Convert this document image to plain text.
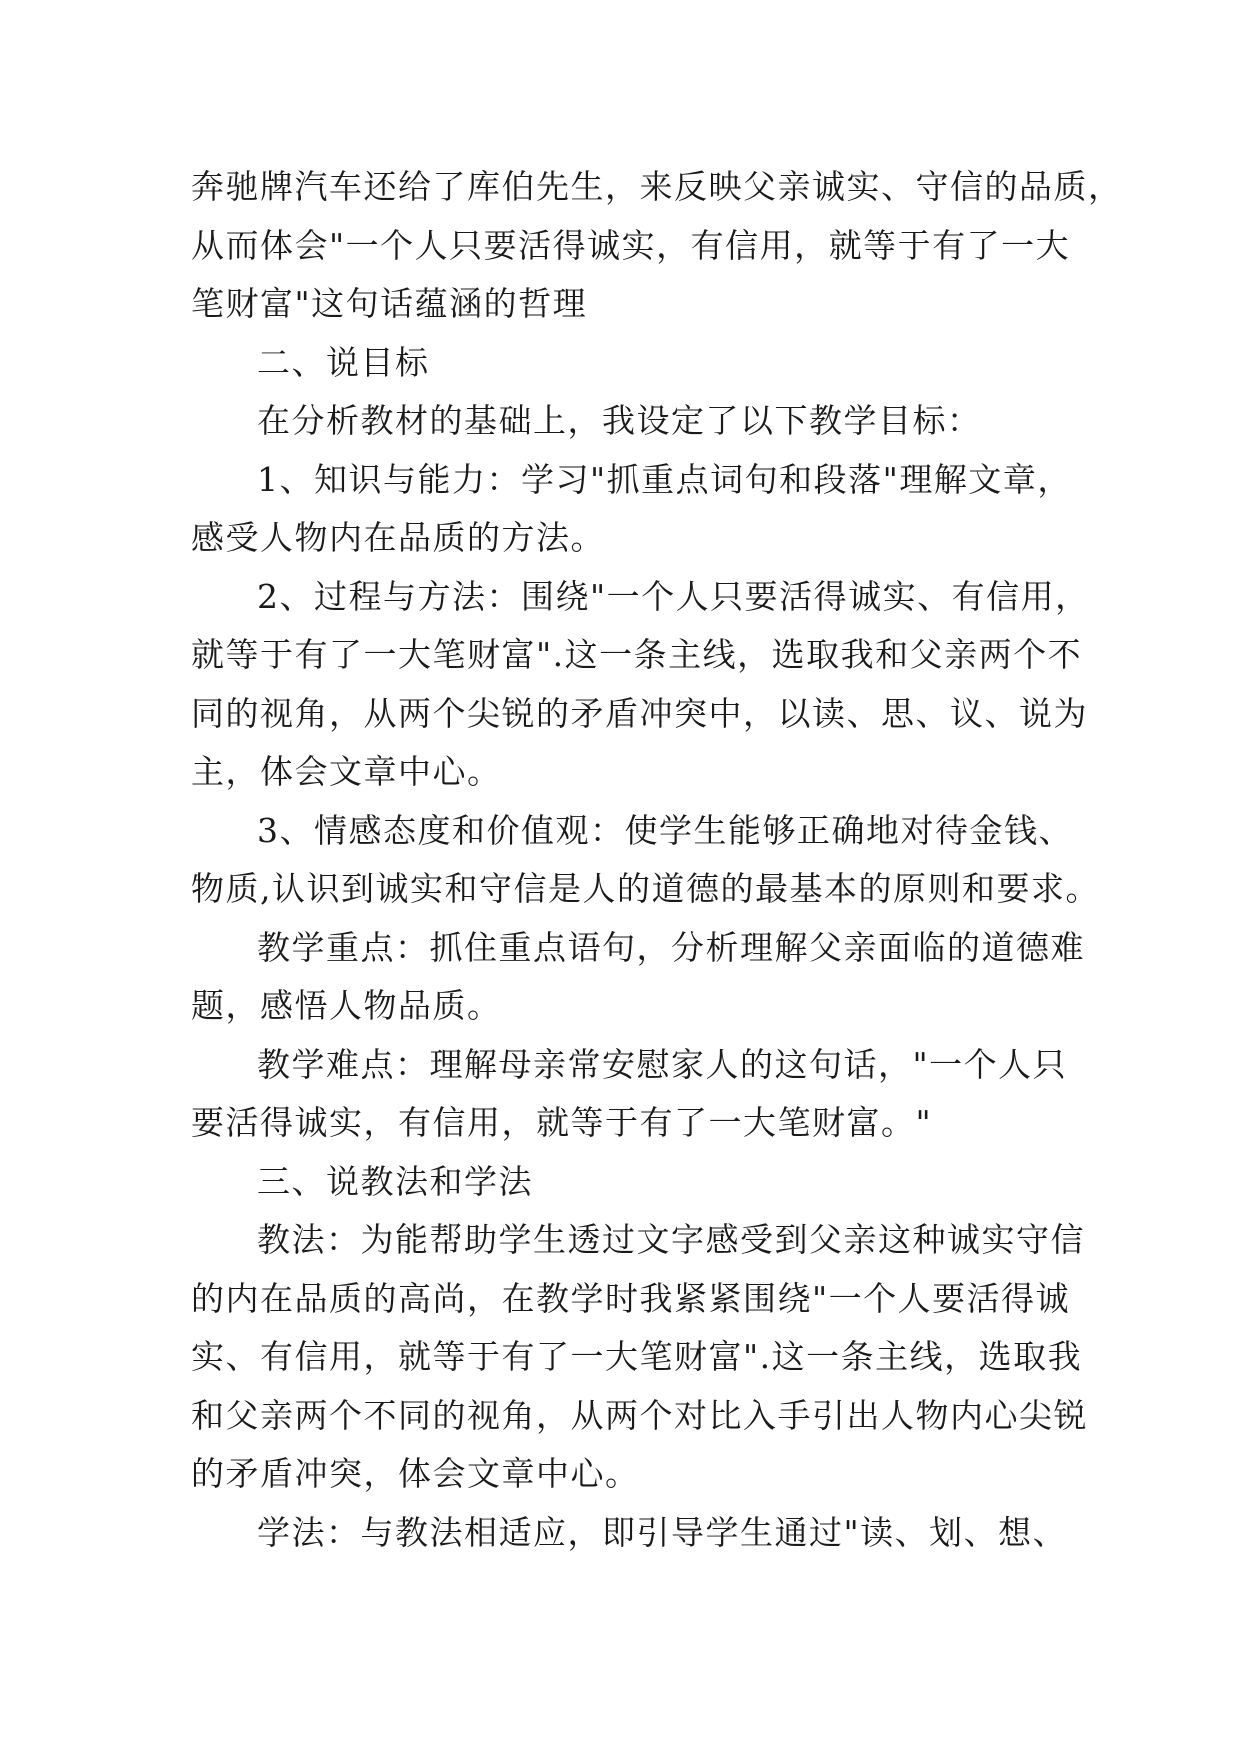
奔驰牌汽车还给了库伯先生，来反映父亲诚实、守信的品质，

从而体会"一个人只要活得诚实，有信用，就等于有了一大

笔财富"这句话蕴涵的哲理

二、说目标

在分析教材的基础上，我设定了以下教学目标：

1、知识与能力：学习"抓重点词句和段落"理解文章，

感受人物内在品质的方法。

2、过程与方法：围绕"一个人只要活得诚实、有信用，

就等于有了一大笔财富".这一条主线，选取我和父亲两个不

同的视角，从两个尖锐的矛盾冲突中，以读、思、议、说为

主，体会文章中心。

3、情感态度和价值观：使学生能够正确地对待金钱、

物质,认识到诚实和守信是人的道德的最基本的原则和要求。

教学重点：抓住重点语句，分析理解父亲面临的道德难

题，感悟人物品质。

教学难点：理解母亲常安慰家人的这句话，"一个人只

要活得诚实，有信用，就等于有了一大笔财富。"

三、说教法和学法

教法：为能帮助学生透过文字感受到父亲这种诚实守信

的内在品质的高尚，在教学时我紧紧围绕"一个人要活得诚

实、有信用，就等于有了一大笔财富".这一条主线，选取我

和父亲两个不同的视角，从两个对比入手引出人物内心尖锐

的矛盾冲突，体会文章中心。

学法：与教法相适应，即引导学生通过"读、划、想、
